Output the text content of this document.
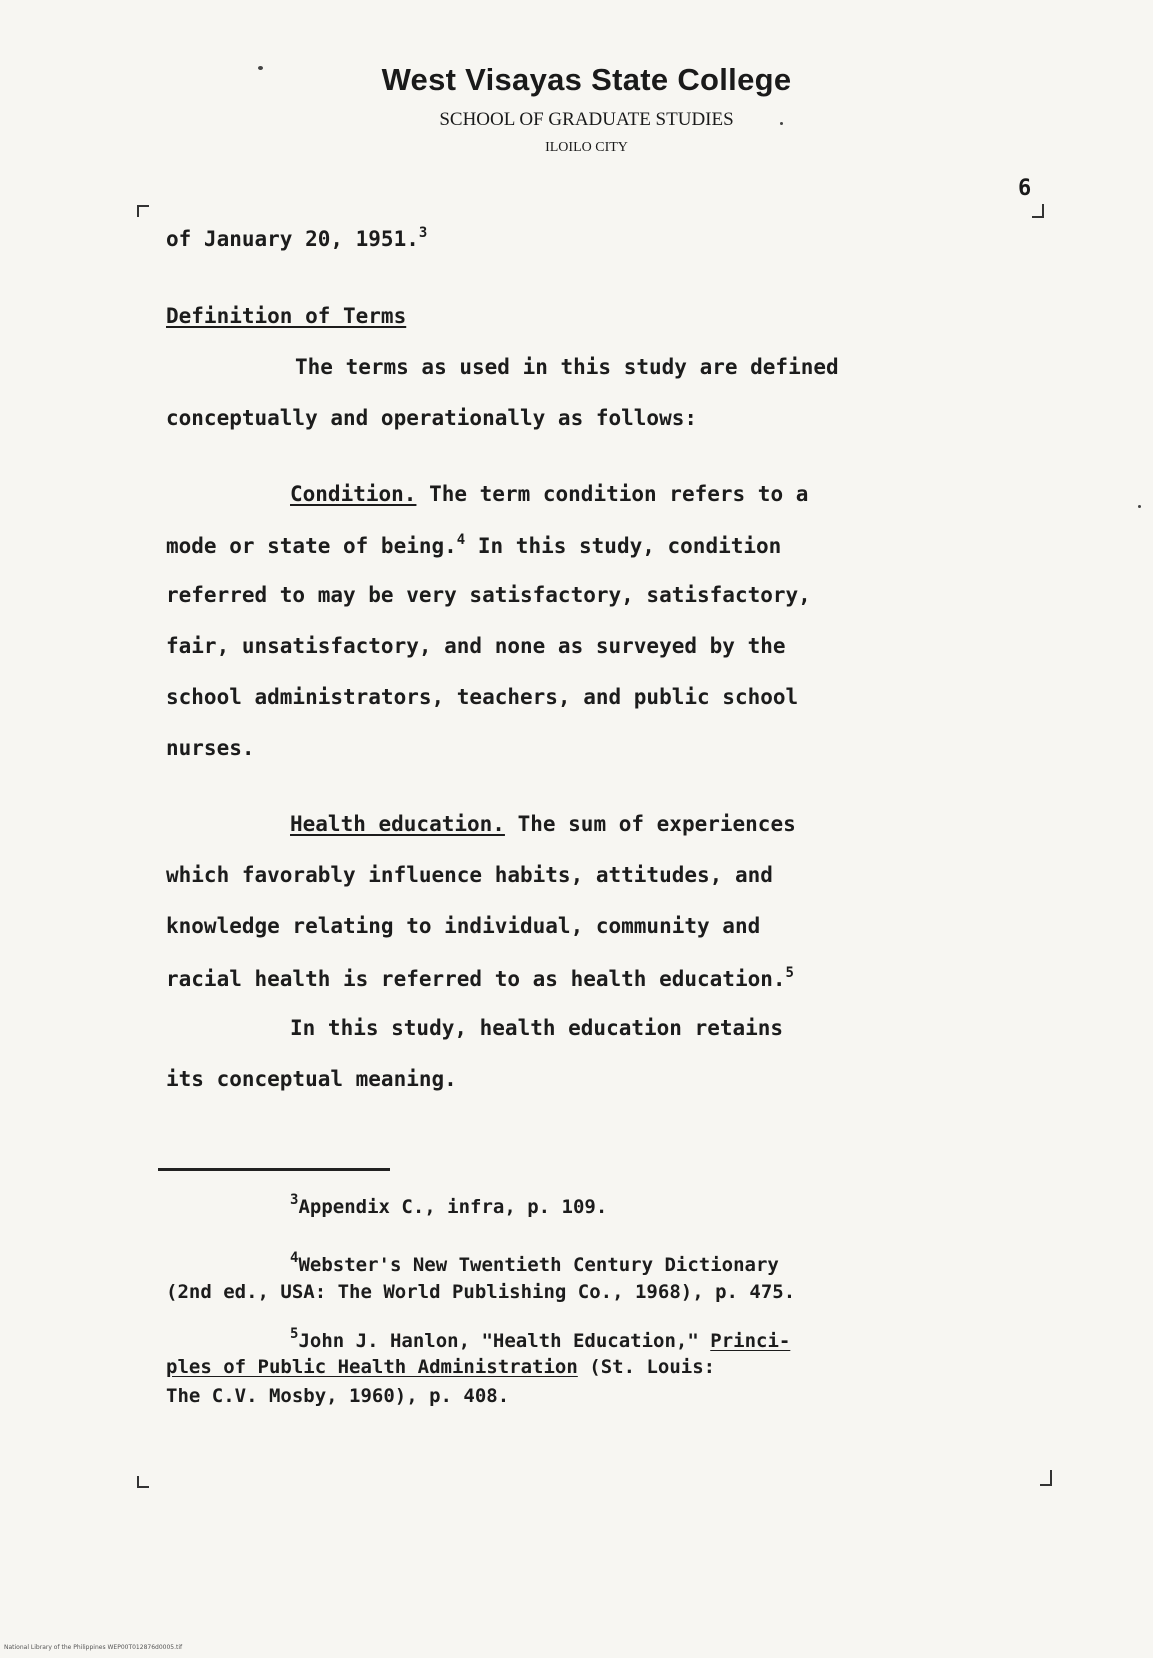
West Visayas State College
SCHOOL OF GRADUATE STUDIES
ILOILO CITY
6
of January 20, 1951.$^3$
Definition of Terms
The terms as used in this study are defined
conceptually and operationally as follows:
Condition. The term condition refers to a
mode or state of being.$^4$ In this study, condition
referred to may be very satisfactory, satisfactory,
fair, unsatisfactory, and none as surveyed by the
school administrators, teachers, and public school
nurses.
Health education. The sum of experiences
which favorably influence habits, attitudes, and
knowledge relating to individual, community and
racial health is referred to as health education.$^5$
In this study, health education retains
its conceptual meaning.
$^3$Appendix C., infra, p. 109.
$^4$Webster's New Twentieth Century Dictionary
(2nd ed., USA: The World Publishing Co., 1968), p. 475.
$^5$John J. Hanlon, "Health Education," Princi-
ples of Public Health Administration (St. Louis:
The C.V. Mosby, 1960), p. 408.
National Library of the Philippines WEP00T012876d0005.tif
